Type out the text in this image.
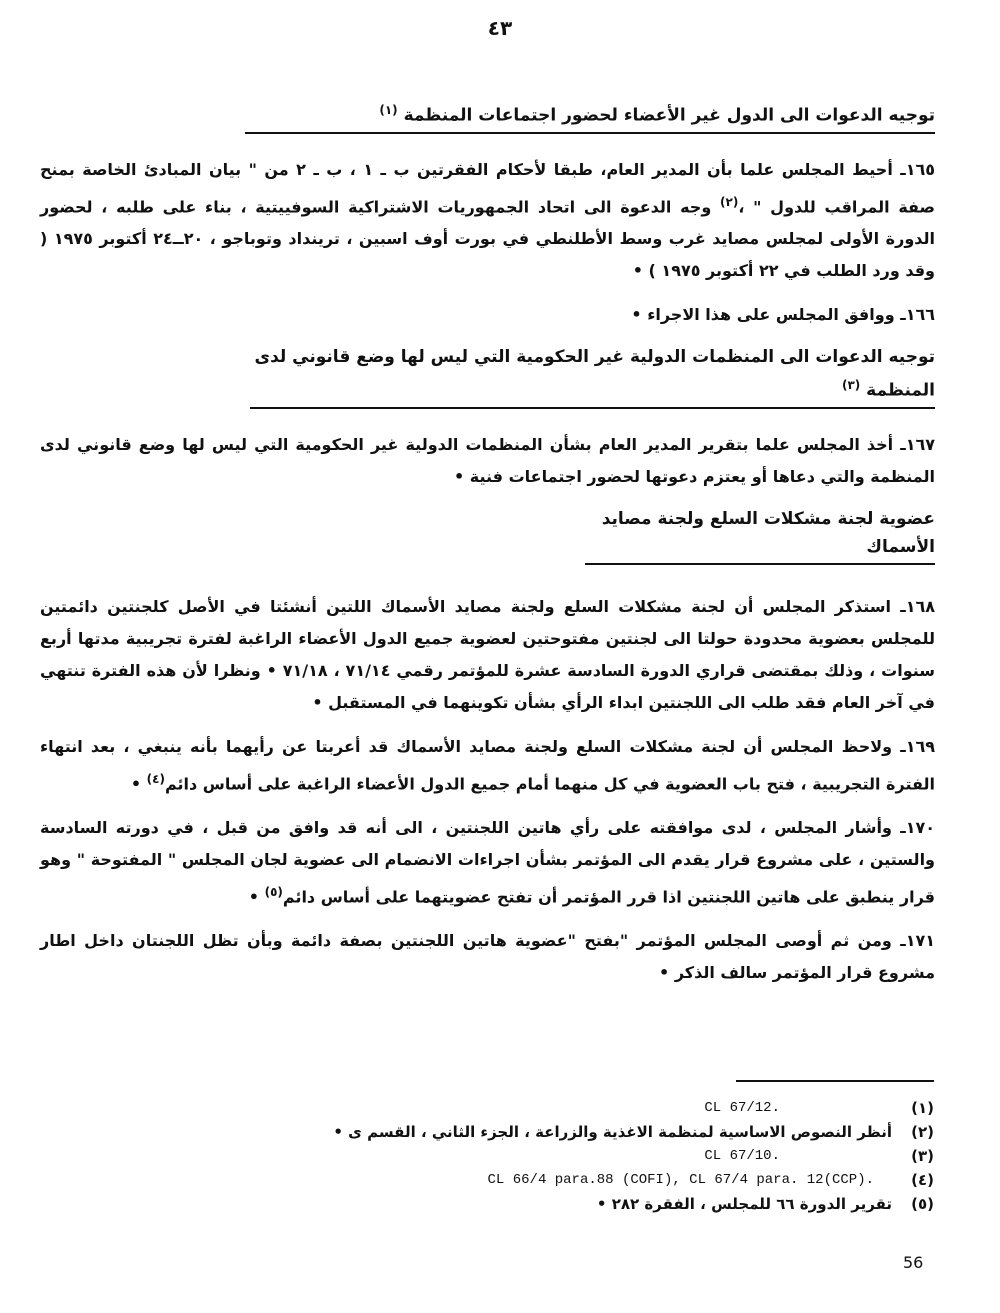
٤٣
توجيه الدعوات الى الدول غير الأعضاء لحضور اجتماعات المنظمة $^{(١)}$

١٦٥ـ أحيط المجلس علما بأن المدير العام، طبقا لأحكام الفقرتين ب ـ ١ ، ب ـ ٢ من " بيان المبادئ الخاصة بمنح صفة المراقب للدول " ،$^{(٢)}$ وجه الدعوة الى اتحاد الجمهوريات الاشتراكية السوفييتية ، بناء على طلبه ، لحضور الدورة الأولى لمجلس مصايد غرب وسط الأطلنطي في بورت أوف اسبين ، ترينداد وتوباجو ، ٢٠ــ٢٤ أكتوبر ١٩٧٥ ( وقد ورد الطلب في ٢٢ أكتوبر ١٩٧٥ ) •

١٦٦ـ ووافق المجلس على هذا الاجراء •

توجيه الدعوات الى المنظمات الدولية غير الحكومية التي ليس لها وضع قانوني لدى المنظمة $^{(٣)}$

١٦٧ـ أخذ المجلس علما بتقرير المدير العام بشأن المنظمات الدولية غير الحكومية التي ليس لها وضع قانوني لدى المنظمة والتي دعاها أو يعتزم دعوتها لحضور اجتماعات فنية •

عضوية لجنة مشكلات السلع ولجنة مصايد الأسماك

١٦٨ـ استذكر المجلس أن لجنة مشكلات السلع ولجنة مصايد الأسماك اللتين أنشئتا في الأصل كلجنتين دائمتين للمجلس بعضوية محدودة حولتا الى لجنتين مفتوحتين لعضوية جميع الدول الأعضاء الراغبة لفترة تجريبية مدتها أربع سنوات ، وذلك بمقتضى قراري الدورة السادسة عشرة للمؤتمر رقمي ٧١/١٤ ، ٧١/١٨ • ونظرا لأن هذه الفترة تنتهي في آخر العام فقد طلب الى اللجنتين ابداء الرأي بشأن تكوينهما في المستقبل •

١٦٩ـ ولاحظ المجلس أن لجنة مشكلات السلع ولجنة مصايد الأسماك قد أعربتا عن رأيهما بأنه ينبغي ، بعد انتهاء الفترة التجريبية ، فتح باب العضوية في كل منهما أمام جميع الدول الأعضاء الراغبة على أساس دائم$^{(٤)}$ •

١٧٠ـ وأشار المجلس ، لدى موافقته على رأي هاتين اللجنتين ، الى أنه قد وافق من قبل ، في دورته السادسة والستين ، على مشروع قرار يقدم الى المؤتمر بشأن اجراءات الانضمام الى عضوية لجان المجلس " المفتوحة " وهو قرار ينطبق على هاتين اللجنتين اذا قرر المؤتمر أن تفتح عضويتهما على أساس دائم$^{(٥)}$ •

١٧١ـ ومن ثم أوصى المجلس المؤتمر "بفتح "عضوية هاتين اللجنتين بصفة دائمة وبأن تظل اللجنتان داخل اطار مشروع قرار المؤتمر سالف الذكر •

(١)
CL 67/12.
(٢)
أنظر النصوص الاساسية لمنظمة الاغذية والزراعة ، الجزء الثاني ، القسم ى •
(٣)
CL 67/10.
(٤)
CL 66/4 para.88 (COFI), CL 67/4 para. 12(CCP).
(٥)
تقرير الدورة ٦٦ للمجلس ، الفقرة ٢٨٢ •
56
